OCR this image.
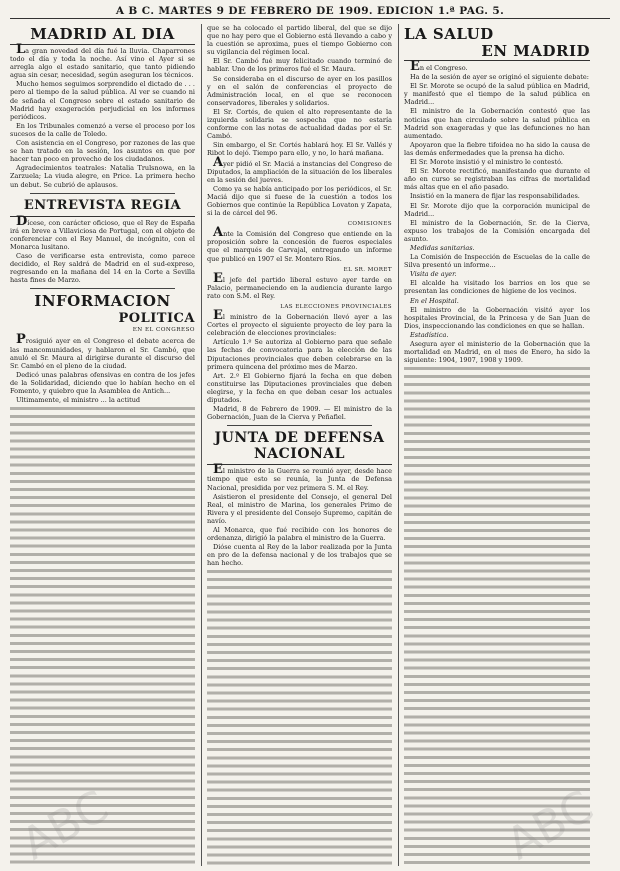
A B C. MARTES 9 DE FEBRERO DE 1909. EDICION 1.ª PAG. 5.
MADRID AL DIA

La gran novedad del día fué la lluvia. Chaparrones todo el día y toda la noche. Así vino el Ayer si se arregla algo el estado sanitario, que tanto pidiendo agua sin cesar, necesidad, según aseguran los técnicos.

Mucho hemos seguimos sorprendido el dictado de . . . pero al tiempo de la salud pública. Al ver se cuando ni de señada el Congreso sobre el estado sanitario de Madrid hay exageración perjudicial en los informes periódicos.

En los Tribunales comenzó a verse el proceso por los sucesos de la calle de Toledo.

Con asistencia en el Congreso, por razones de las que se han tratado en la sesión, los asuntos en que por hacer tan poco en provecho de los ciudadanos.

Agradecimientos teatrales: Natalia Trulsnowa, en la Zarzuela; La viuda alegre, en Price. La primera hecho un debut. Se cubrió de aplausos.

ENTREVISTA REGIA

Dícese, con carácter oficioso, que el Rey de España irá en breve a Villaviciosa de Portugal, con el objeto de conferenciar con el Rey Manuel, de incógnito, con el Monarca lusitano.

Caso de verificarse esta entrevista, como parece decidido, el Rey saldrá de Madrid en el sud-expreso, regresando en la mañana del 14 en la Corte a Sevilla hasta fines de Marzo.

INFORMACION
POLITICA
EN EL CONGRESO

Prosiguió ayer en el Congreso el debate acerca de las mancomunidades, y hablaron el Sr. Cambó, que anuló el Sr. Maura al dirigirse durante el discurso del Sr. Cambó en el pleno de la ciudad.

Dedicó unas palabras ofensivas en contra de los jefes de la Solidaridad, diciendo que lo habían hecho en el Fomento, y quiebro que la Asamblea de Antich...

Ultimamente, el ministro ... la actitud

que se ha colocado el partido liberal, del que se dijo que no hay pero que el Gobierno está llevando a cabo y la cuestión se aproxima, pues el tiempo Gobierno con su vigilancia del régimen local.

El Sr. Cambó fué muy felicitado cuando terminó de hablar. Uno de los primeros fué el Sr. Maura.

Se consideraba en el discurso de ayer en los pasillos y en el salón de conferencias el proyecto de Administración local, en el que se reconocen conservadores, liberales y solidarios.

El Sr. Cortés, de quien el alto representante de la izquierda solidaria se sospecha que no estaría conforme con las notas de actualidad dadas por el Sr. Cambó.

Sin embargo, el Sr. Cortés hablará hoy. El Sr. Vallés y Ribot lo dejó. Tiempo para ello, y no, lo hará mañana.

Ayer pidió el Sr. Maciá a instancias del Congreso de Diputados, la ampliación de la situación de los liberales en la sesión del jueves.

Como ya se había anticipado por los periódicos, el Sr. Maciá dijo que si fuese de la cuestión a todos los Gobiernos que continúe la República Lovaton y Zapata, si la de cárcel del 96.

COMISIONES

Ante la Comisión del Congreso que entiende en la proposición sobre la concesión de fueros especiales que el marqués de Carvajal, entregando un informe que publicó en 1907 el Sr. Montero Ríos.

EL SR. MORET

El jefe del partido liberal estuvo ayer tarde en Palacio, permaneciendo en la audiencia durante largo rato con S.M. el Rey.

LAS ELECCIONES PROVINCIALES

El ministro de la Gobernación llevó ayer a las Cortes el proyecto el siguiente proyecto de ley para la celebración de elecciones provinciales:

Artículo 1.º Se autoriza al Gobierno para que señale las fechas de convocatoria para la elección de las Diputaciones provinciales que deben celebrarse en la primera quincena del próximo mes de Marzo.

Art. 2.º El Gobierno fijará la fecha en que deben constituirse las Diputaciones provinciales que deben elegirse, y la fecha en que deban cesar los actuales diputados.

Madrid, 8 de Febrero de 1909. — El ministro de la Gobernación, Juan de la Cierva y Peñafiel.

JUNTA DE DEFENSA NACIONAL

El ministro de la Guerra se reunió ayer, desde hace tiempo que esto se reunía, la Junta de Defensa Nacional, presidida por vez primera S. M. el Rey.

Asistieron el presidente del Consejo, el general Del Real, el ministro de Marina, los generales Primo de Rivera y el presidente del Consejo Supremo, capitán de navío.

Al Monarca, que fué recibido con los honores de ordenanza, dirigió la palabra el ministro de la Guerra.

Dióse cuenta al Rey de la labor realizada por la Junta en pro de la defensa nacional y de los trabajos que se han hecho.

LA SALUD
EN MADRID

En el Congreso.

Ha de la sesión de ayer se originó el siguiente debate:

El Sr. Morote se ocupó de la salud pública en Madrid, y manifestó que el tiempo de la salud pública en Madrid...

El ministro de la Gobernación contestó que las noticias que han circulado sobre la salud pública en Madrid son exageradas y que las defunciones no han aumentado.

Apoyaron que la fiebre tifoidea no ha sido la causa de las demás enfermedades que la prensa ha dicho.

El Sr. Morote insistió y el ministro le contestó.

El Sr. Morote rectificó, manifestando que durante el año en curso se registraban las cifras de mortalidad más altas que en el año pasado.

Insistió en la manera de fijar las responsabilidades.

El Sr. Morote dijo que la corporación municipal de Madrid...

El ministro de la Gobernación, Sr. de la Cierva, expuso los trabajos de la Comisión encargada del asunto.

Medidas sanitarias.

La Comisión de Inspección de Escuelas de la calle de Silva presentó un informe...

Visita de ayer.

El alcalde ha visitado los barrios en los que se presentan las condiciones de higiene de los vecinos.

En el Hospital.

El ministro de la Gobernación visitó ayer los hospitales Provincial, de la Princesa y de San Juan de Dios, inspeccionando las condiciones en que se hallan.

Estadística.

Asegura ayer el ministerio de la Gobernación que la mortalidad en Madrid, en el mes de Enero, ha sido la siguiente: 1904, 1907, 1908 y 1909.
